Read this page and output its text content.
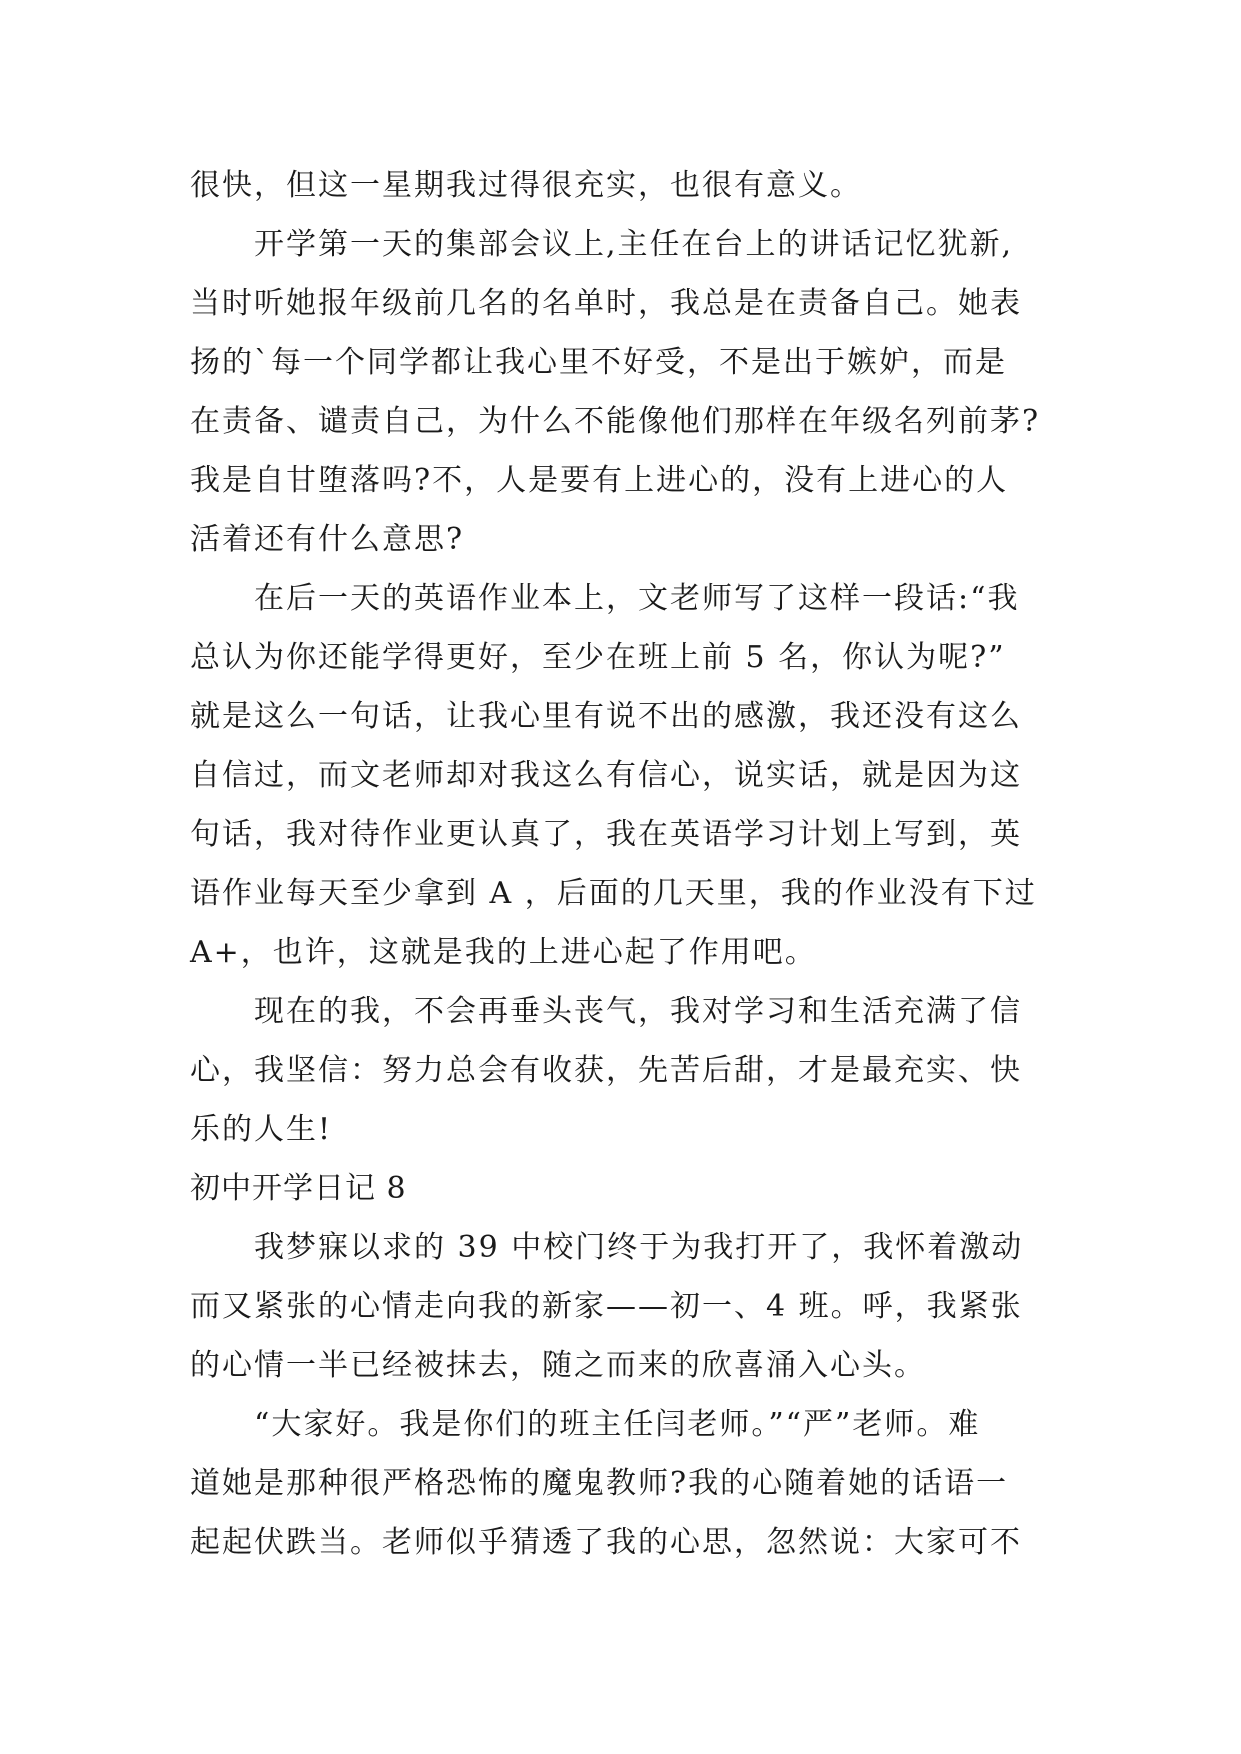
很快，但这一星期我过得很充实，也很有意义。
开学第一天的集部会议上,主任在台上的讲话记忆犹新,
当时听她报年级前几名的名单时，我总是在责备自己。她表
扬的`每一个同学都让我心里不好受，不是出于嫉妒，而是
在责备、谴责自己，为什么不能像他们那样在年级名列前茅?
我是自甘堕落吗?不，人是要有上进心的，没有上进心的人
活着还有什么意思?
在后一天的英语作业本上，文老师写了这样一段话:“我
总认为你还能学得更好，至少在班上前 5 名，你认为呢?”
就是这么一句话，让我心里有说不出的感激，我还没有这么
自信过，而文老师却对我这么有信心，说实话，就是因为这
句话，我对待作业更认真了，我在英语学习计划上写到，英
语作业每天至少拿到 A ，后面的几天里，我的作业没有下过
A+，也许，这就是我的上进心起了作用吧。
现在的我，不会再垂头丧气，我对学习和生活充满了信
心，我坚信：努力总会有收获，先苦后甜，才是最充实、快
乐的人生!
初中开学日记 8
我梦寐以求的 39 中校门终于为我打开了，我怀着激动
而又紧张的心情走向我的新家——初一、4 班。呼，我紧张
的心情一半已经被抹去，随之而来的欣喜涌入心头。
“大家好。我是你们的班主任闫老师。”“严”老师。难
道她是那种很严格恐怖的魔鬼教师?我的心随着她的话语一
起起伏跌当。老师似乎猜透了我的心思，忽然说：大家可不
